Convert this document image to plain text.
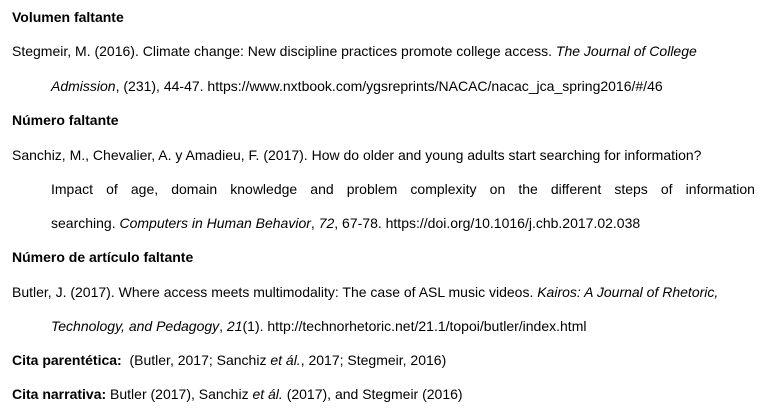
Volumen faltante
Stegmeir, M. (2016). Climate change: New discipline practices promote college access. The Journal of College
Admission, (231), 44-47. https://www.nxtbook.com/ygsreprints/NACAC/nacac_jca_spring2016/#/46
Número faltante
Sanchiz, M., Chevalier, A. y Amadieu, F. (2017). How do older and young adults start searching for information?
Impact of age, domain knowledge and problem complexity on the different steps of information
searching. Computers in Human Behavior, 72, 67-78. https://doi.org/10.1016/j.chb.2017.02.038
Número de artículo faltante
Butler, J. (2017). Where access meets multimodality: The case of ASL music videos. Kairos: A Journal of Rhetoric,
Technology, and Pedagogy, 21(1). http://technorhetoric.net/21.1/topoi/butler/index.html
Cita parentética:  (Butler, 2017; Sanchiz et ál., 2017; Stegmeir, 2016)
Cita narrativa: Butler (2017), Sanchiz et ál. (2017), and Stegmeir (2016)
